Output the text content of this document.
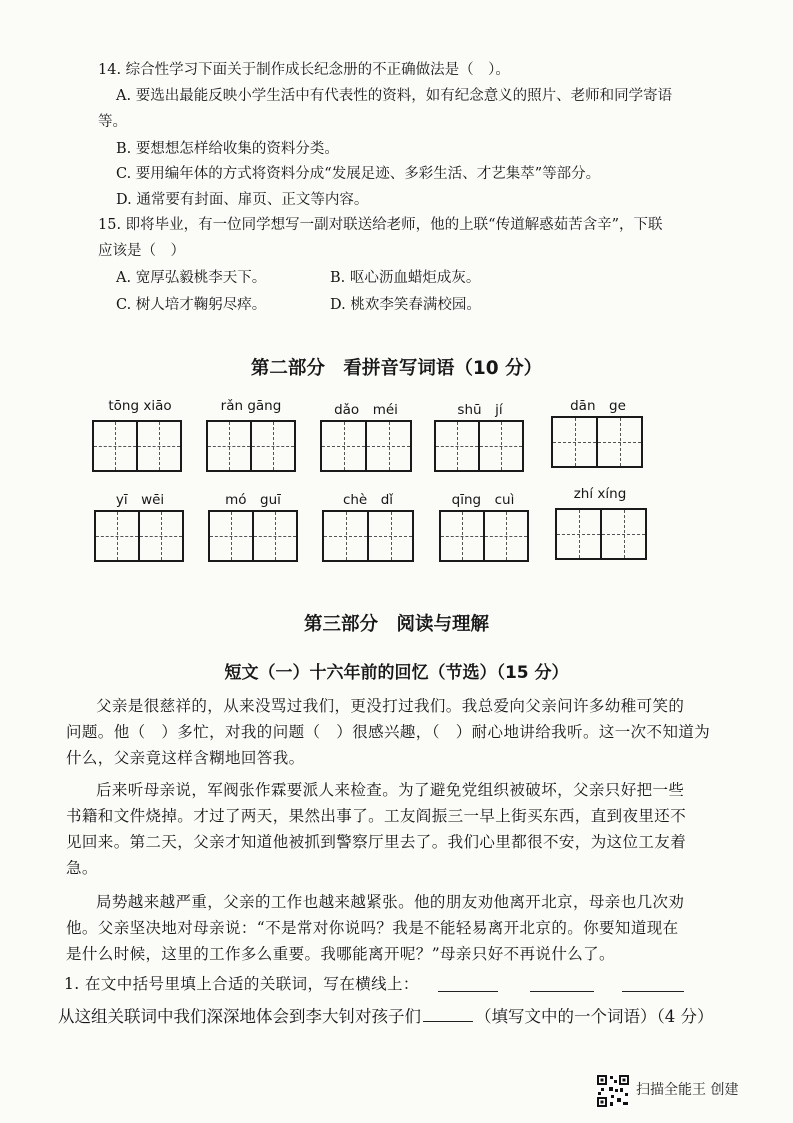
14. 综合性学习下面关于制作成长纪念册的不正确做法是（　）。
A. 要选出最能反映小学生活中有代表性的资料，如有纪念意义的照片、老师和同学寄语
等。
B. 要想想怎样给收集的资料分类。
C. 要用编年体的方式将资料分成“发展足迹、多彩生活、才艺集萃”等部分。
D. 通常要有封面、扉页、正文等内容。
15. 即将毕业，有一位同学想写一副对联送给老师，他的上联“传道解惑茹苦含辛”，下联
应该是（　）
A. 宽厚弘毅桃李天下。	B. 呕心沥血蜡炬成灰。
C. 树人培才鞠躬尽瘁。	D. 桃欢李笑春满校园。
第二部分　看拼音写词语（10 分）
tōng xiāo	rǎn gāng	dǎo　méi	shū　jí	dān　ge
yī　wēi	mó　guī	chè　dǐ	qīng　cuì	zhí xíng
第三部分　阅读与理解
短文（一）十六年前的回忆（节选）（15 分）
父亲是很慈祥的，从来没骂过我们，更没打过我们。我总爱向父亲问许多幼稚可笑的
问题。他（　）多忙，对我的问题（　）很感兴趣，（　）耐心地讲给我听。这一次不知道为
什么，父亲竟这样含糊地回答我。
后来听母亲说，军阀张作霖要派人来检查。为了避免党组织被破坏，父亲只好把一些
书籍和文件烧掉。才过了两天，果然出事了。工友阎振三一早上街买东西，直到夜里还不
见回来。第二天，父亲才知道他被抓到警察厅里去了。我们心里都很不安，为这位工友着
急。
局势越来越严重，父亲的工作也越来越紧张。他的朋友劝他离开北京，母亲也几次劝
他。父亲坚决地对母亲说：“不是常对你说吗？我是不能轻易离开北京的。你要知道现在
是什么时候，这里的工作多么重要。我哪能离开呢？”母亲只好不再说什么了。
1. 在文中括号里填上合适的关联词，写在横线上：
从这组关联词中我们深深地体会到李大钊对孩子们	（填写文中的一个词语）（4 分）
扫描全能王 创建
